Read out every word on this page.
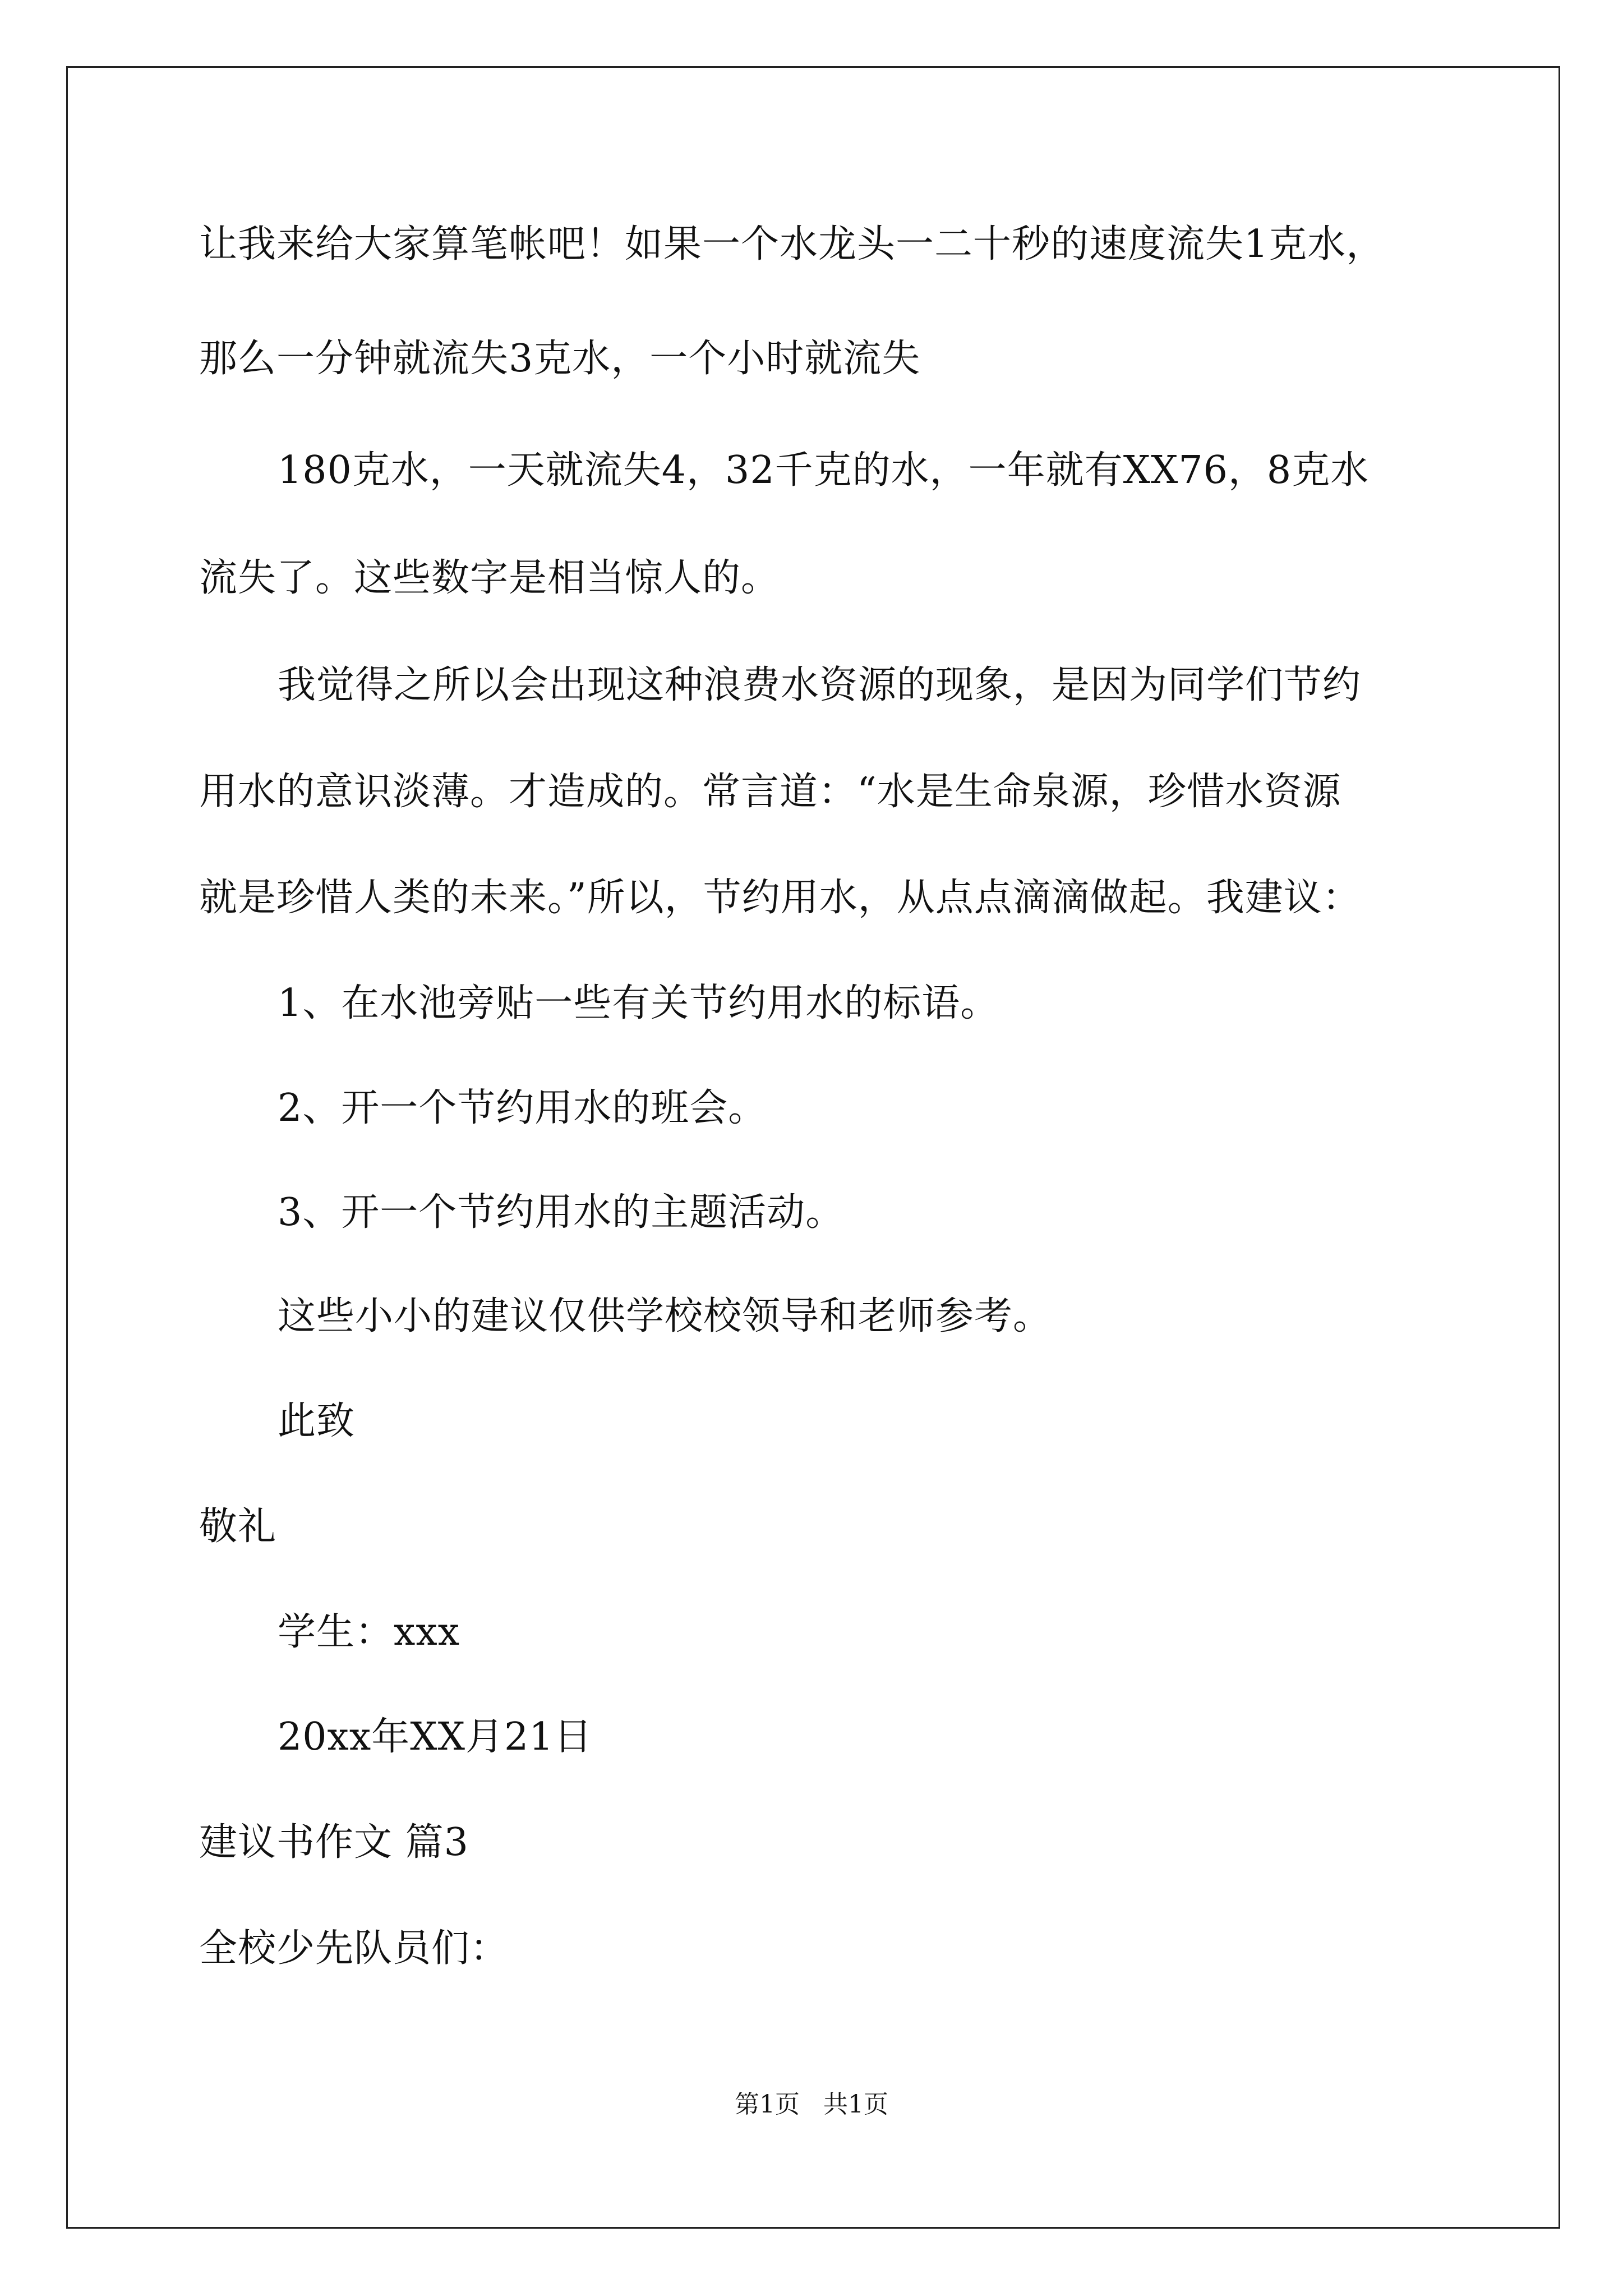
让我来给大家算笔帐吧！如果一个水龙头一二十秒的速度流失1克水，
那么一分钟就流失3克水，一个小时就流失
180克水，一天就流失4，32千克的水，一年就有XX76，8克水
流失了。这些数字是相当惊人的。
我觉得之所以会出现这种浪费水资源的现象，是因为同学们节约
用水的意识淡薄。才造成的。常言道：“水是生命泉源，珍惜水资源
就是珍惜人类的未来。”所以，节约用水，从点点滴滴做起。我建议：
1、在水池旁贴一些有关节约用水的标语。
2、开一个节约用水的班会。
3、开一个节约用水的主题活动。
这些小小的建议仅供学校校领导和老师参考。
此致
敬礼
学生：xxx
20xx年XX月21日
建议书作文 篇3
全校少先队员们：
第1页   共1页
